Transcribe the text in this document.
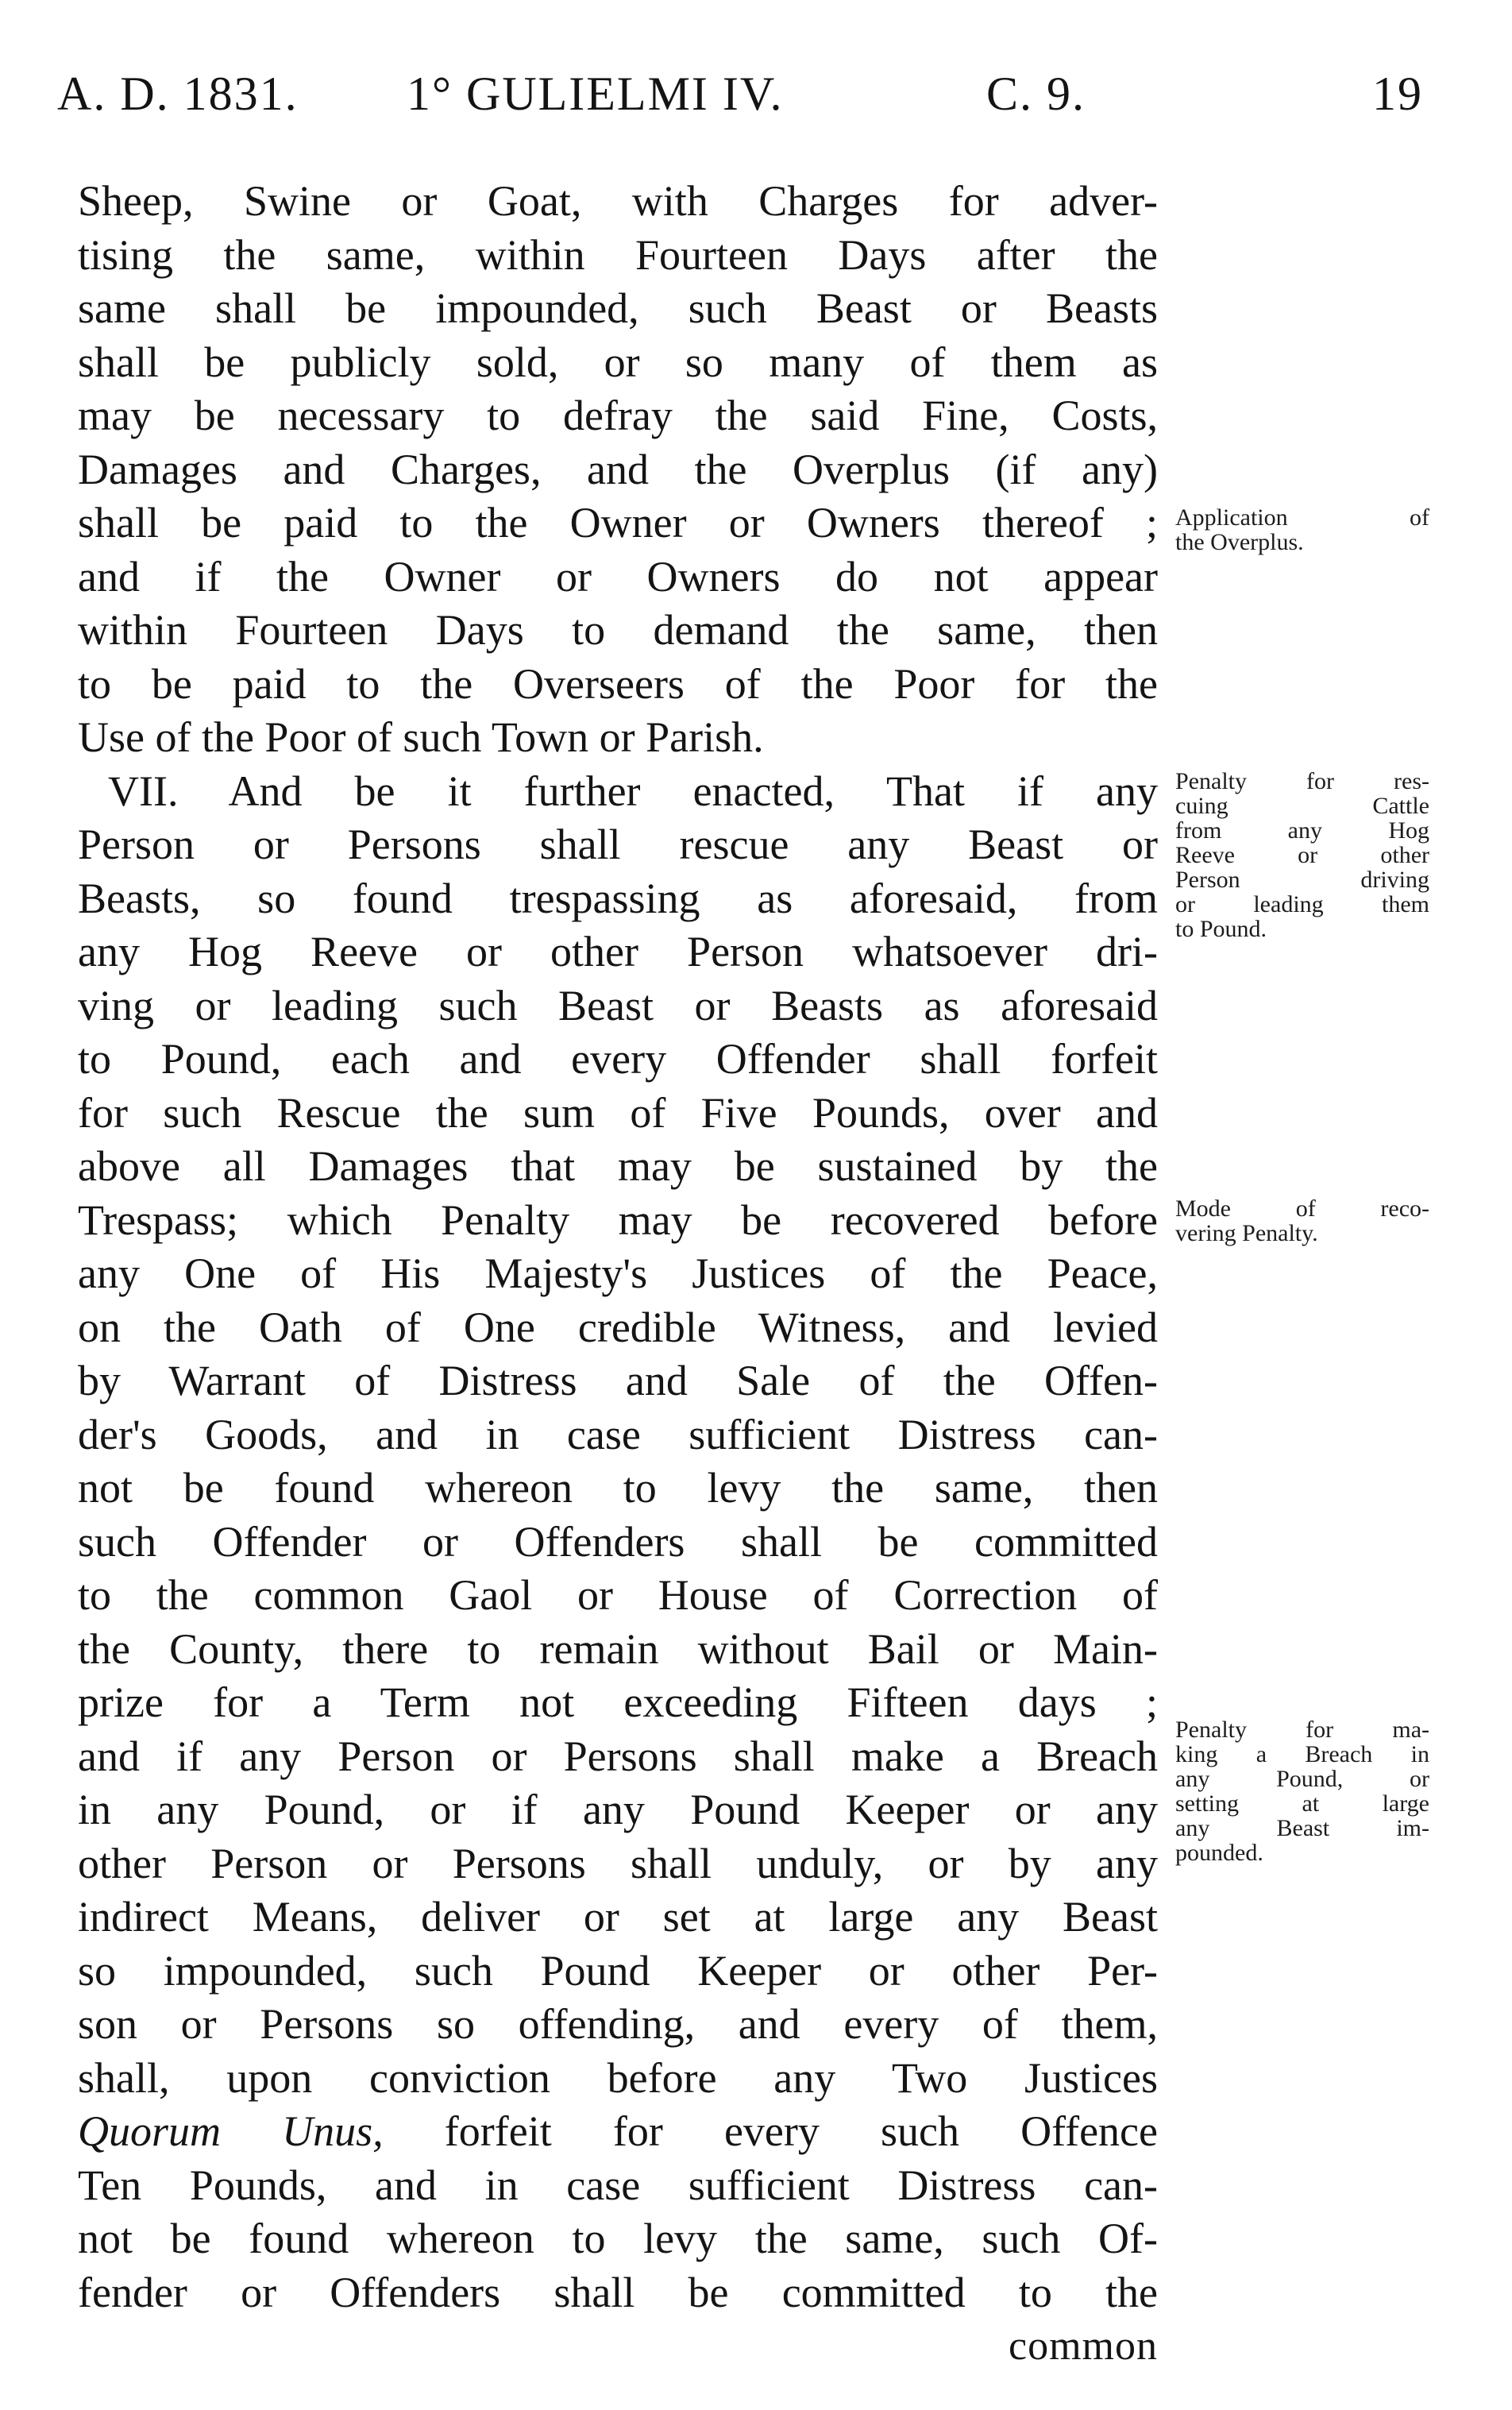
A. D. 1831. 1° GULIELMI IV.	C. 9.	19
Sheep, Swine or Goat, with Charges for adver-
tising the same, within Fourteen Days after the
same shall be impounded, such Beast or Beasts
shall be publicly sold, or so many of them as
may be necessary to defray the said Fine, Costs,
Damages and Charges, and the Overplus (if any)
shall be paid to the Owner or Owners thereof ;
and if the Owner or Owners do not appear
within Fourteen Days to demand the same, then
to be paid to the Overseers of the Poor for the
Use of the Poor of such Town or Parish.
VII. And be it further enacted, That if any
Person or Persons shall rescue any Beast or
Beasts, so found trespassing as aforesaid, from
any Hog Reeve or other Person whatsoever dri-
ving or leading such Beast or Beasts as aforesaid
to Pound, each and every Offender shall forfeit
for such Rescue the sum of Five Pounds, over and
above all Damages that may be sustained by the
Trespass; which Penalty may be recovered before
any One of His Majesty's Justices of the Peace,
on the Oath of One credible Witness, and levied
by Warrant of Distress and Sale of the Offen-
der's Goods, and in case sufficient Distress can-
not be found whereon to levy the same, then
such Offender or Offenders shall be committed
to the common Gaol or House of Correction of
the County, there to remain without Bail or Main-
prize for a Term not exceeding Fifteen days ;
and if any Person or Persons shall make a Breach
in any Pound, or if any Pound Keeper or any
other Person or Persons shall unduly, or by any
indirect Means, deliver or set at large any Beast
so impounded, such Pound Keeper or other Per-
son or Persons so offending, and every of them,
shall, upon conviction before any Two Justices
Quorum Unus, forfeit for every such Offence
Ten Pounds, and in case sufficient Distress can-
not be found whereon to levy the same, such Of-
fender or Offenders shall be committed to the
common
Application of
the Overplus.
Penalty for res-
cuing Cattle
from any Hog
Reeve or other
Person driving
or leading them
to Pound.
Mode of reco-
vering Penalty.
Penalty for ma-
king a Breach in
any Pound, or
setting at large
any Beast im-
pounded.
